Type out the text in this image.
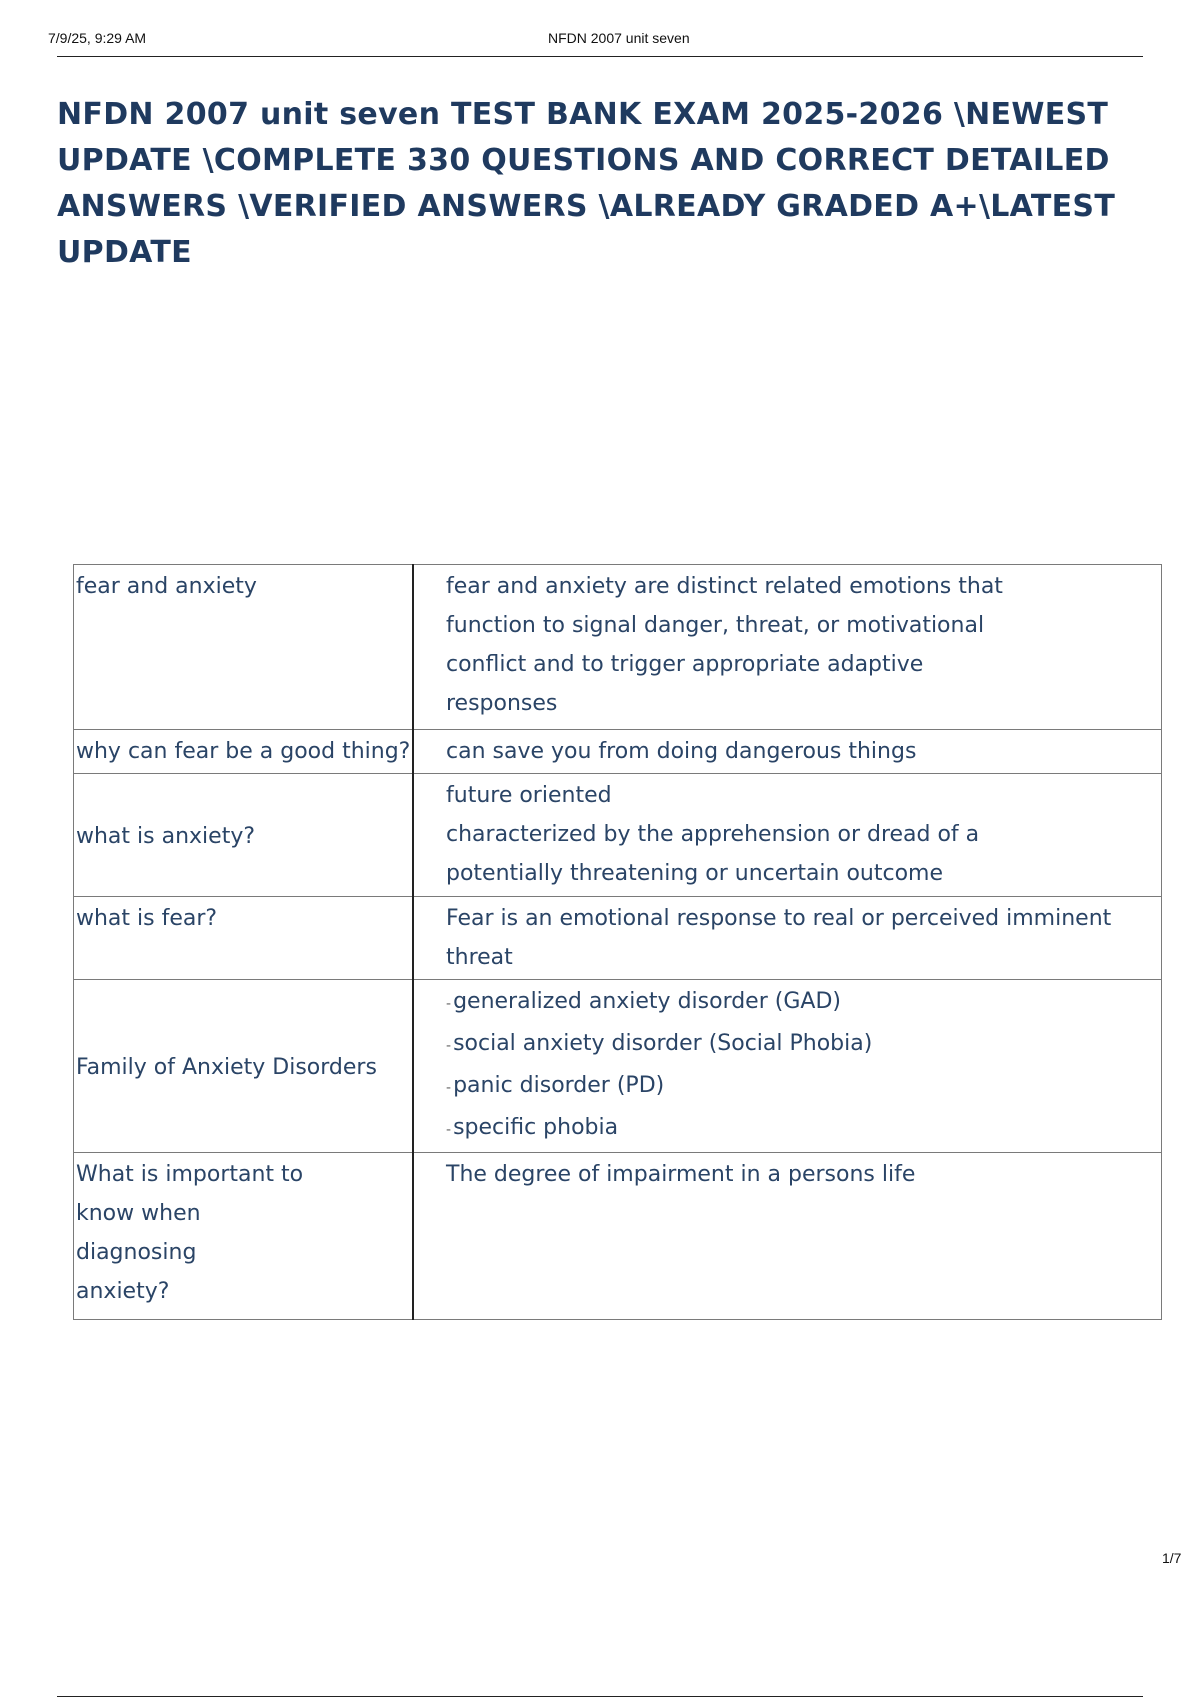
7/9/25, 9:29 AM	NFDN 2007 unit seven
NFDN 2007 unit seven TEST BANK EXAM 2025-2026 \NEWEST UPDATE \COMPLETE 330 QUESTIONS AND CORRECT DETAILED ANSWERS \VERIFIED ANSWERS \ALREADY GRADED A+\LATEST UPDATE
fear and anxiety	fear and anxiety are distinct related emotions that
function to signal danger, threat, or motivational
conflict and to trigger appropriate adaptive
responses

why can fear be a good thing?	can save you from doing dangerous things

what is anxiety?	future oriented
characterized by the apprehension or dread of a
potentially threatening or uncertain outcome

what is fear?	Fear is an emotional response to real or perceived imminent
threat

Family of Anxiety Disorders	-generalized anxiety disorder (GAD)
-social anxiety disorder (Social Phobia)
-panic disorder (PD)
-specific phobia

What is important to
know when
diagnosing
anxiety?	The degree of impairment in a persons life
1/7
